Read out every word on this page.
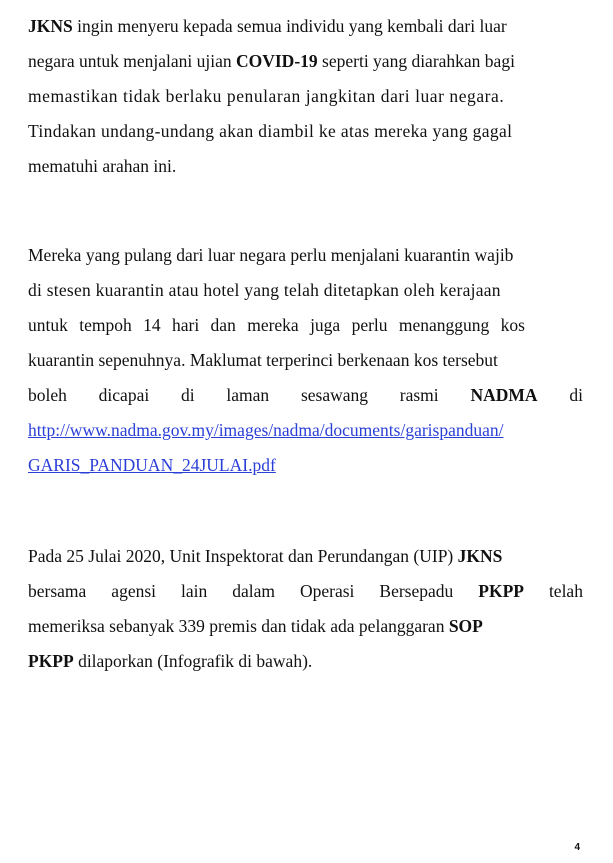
JKNS ingin menyeru kepada semua individu yang kembali dari luar
negara untuk menjalani ujian COVID-19 seperti yang diarahkan bagi
memastikan tidak berlaku penularan jangkitan dari luar negara.
Tindakan undang-undang akan diambil ke atas mereka yang gagal
mematuhi arahan ini.
Mereka yang pulang dari luar negara perlu menjalani kuarantin wajib
di stesen kuarantin atau hotel yang telah ditetapkan oleh kerajaan
untuk tempoh 14 hari dan mereka juga perlu menanggung kos
kuarantin sepenuhnya. Maklumat terperinci berkenaan kos tersebut
boleh dicapai di laman sesawang rasmi NADMA di
http://www.nadma.gov.my/images/nadma/documents/garispanduan/
GARIS_PANDUAN_24JULAI.pdf
Pada 25 Julai 2020, Unit Inspektorat dan Perundangan (UIP) JKNS
bersama agensi lain dalam Operasi Bersepadu PKPP telah
memeriksa sebanyak 339 premis dan tidak ada pelanggaran SOP
PKPP dilaporkan (Infografik di bawah).
4
